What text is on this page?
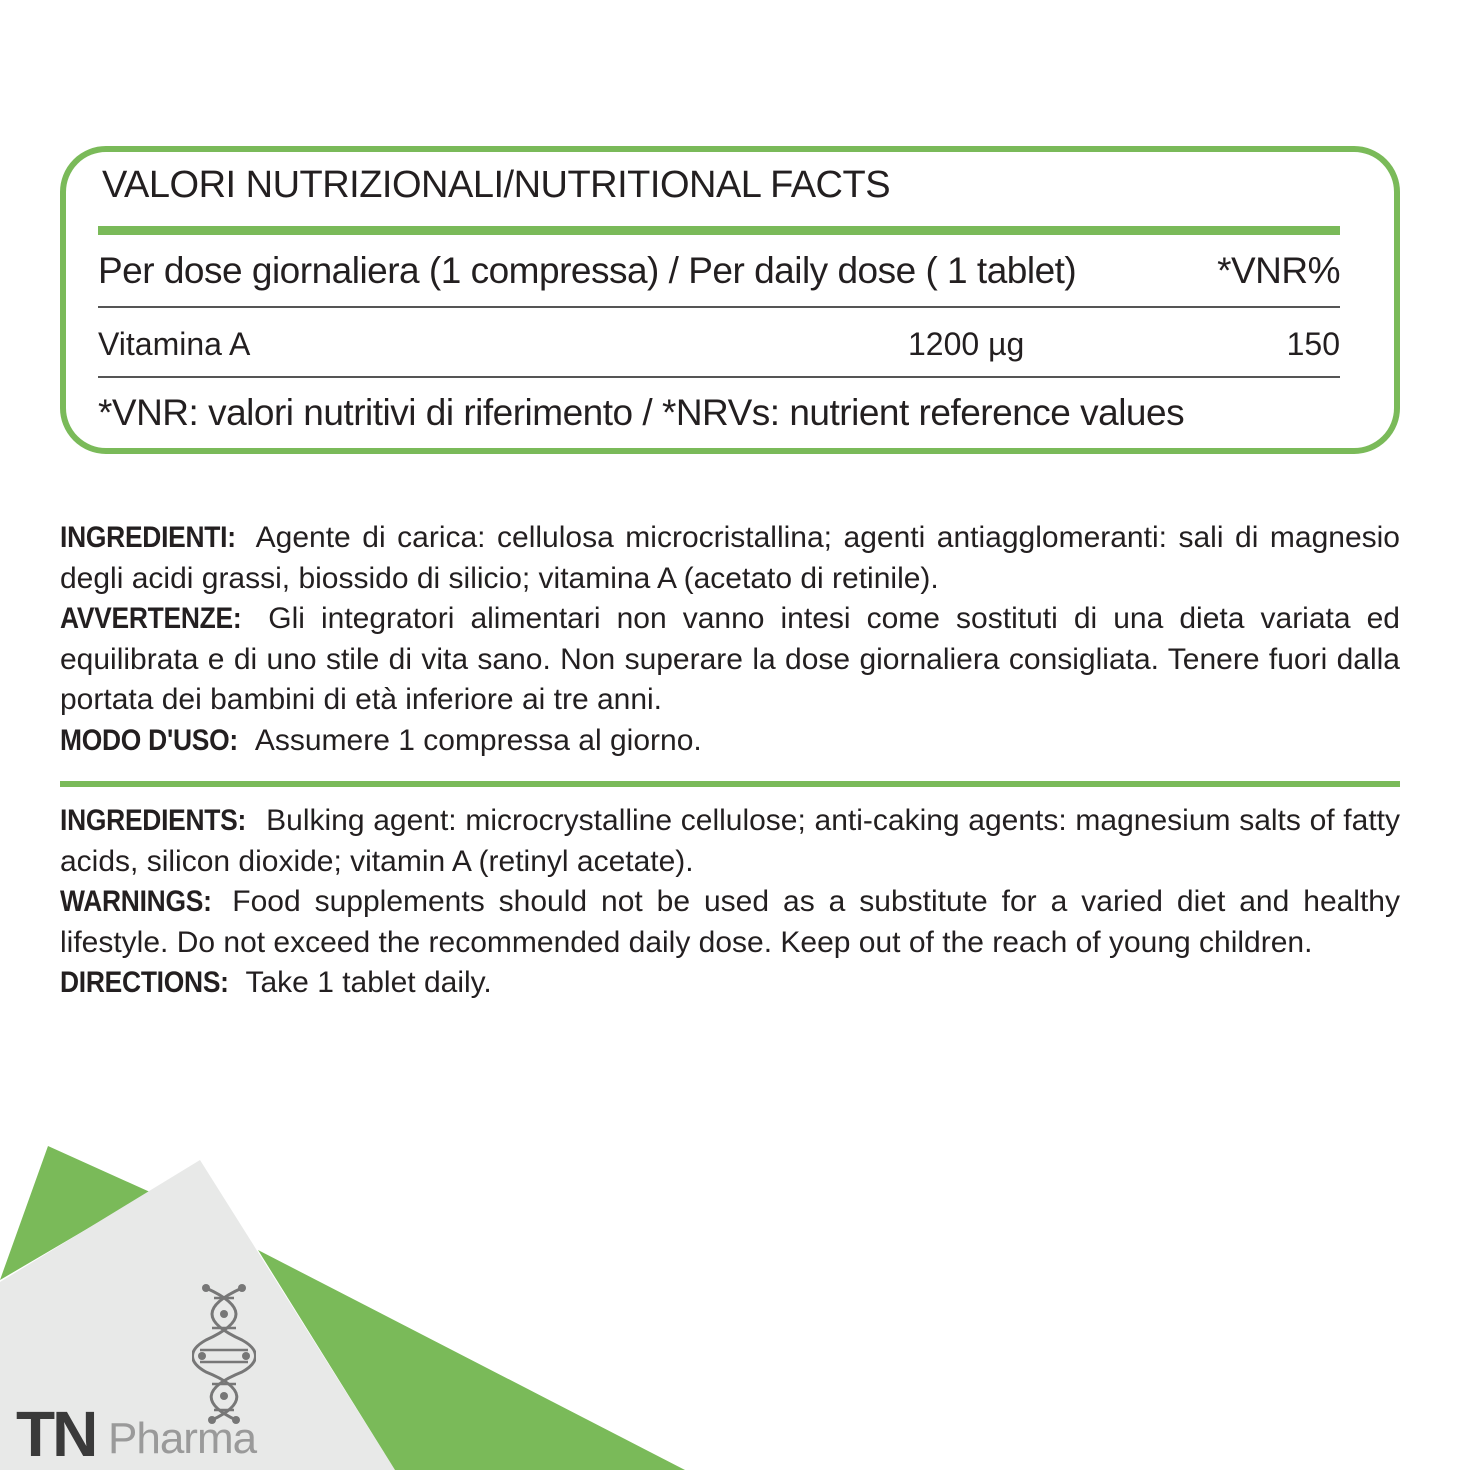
VALORI NUTRIZIONALI/NUTRITIONAL FACTS
Per dose giornaliera (1 compressa) / Per daily dose ( 1 tablet)	*VNR%
Vitamina A	1200 µg	150
*VNR: valori nutritivi di riferimento / *NRVs: nutrient reference values

INGREDIENTI: Agente di carica: cellulosa microcristallina; agenti antiagglomeranti: sali di magnesio degli acidi grassi, biossido di silicio; vitamina A (acetato di retinile).

AVVERTENZE: Gli integratori alimentari non vanno intesi come sostituti di una dieta variata ed equilibrata e di uno stile di vita sano. Non superare la dose giornaliera consigliata. Tenere fuori dalla portata dei bambini di età inferiore ai tre anni.

MODO D'USO: Assumere 1 compressa al giorno.

INGREDIENTS: Bulking agent: microcrystalline cellulose; anti-caking agents: magnesium salts of fatty acids, silicon dioxide; vitamin A (retinyl acetate).

WARNINGS: Food supplements should not be used as a substitute for a varied diet and healthy lifestyle. Do not exceed the recommended daily dose. Keep out of the reach of young children.

DIRECTIONS: Take 1 tablet daily.

TN Pharma
